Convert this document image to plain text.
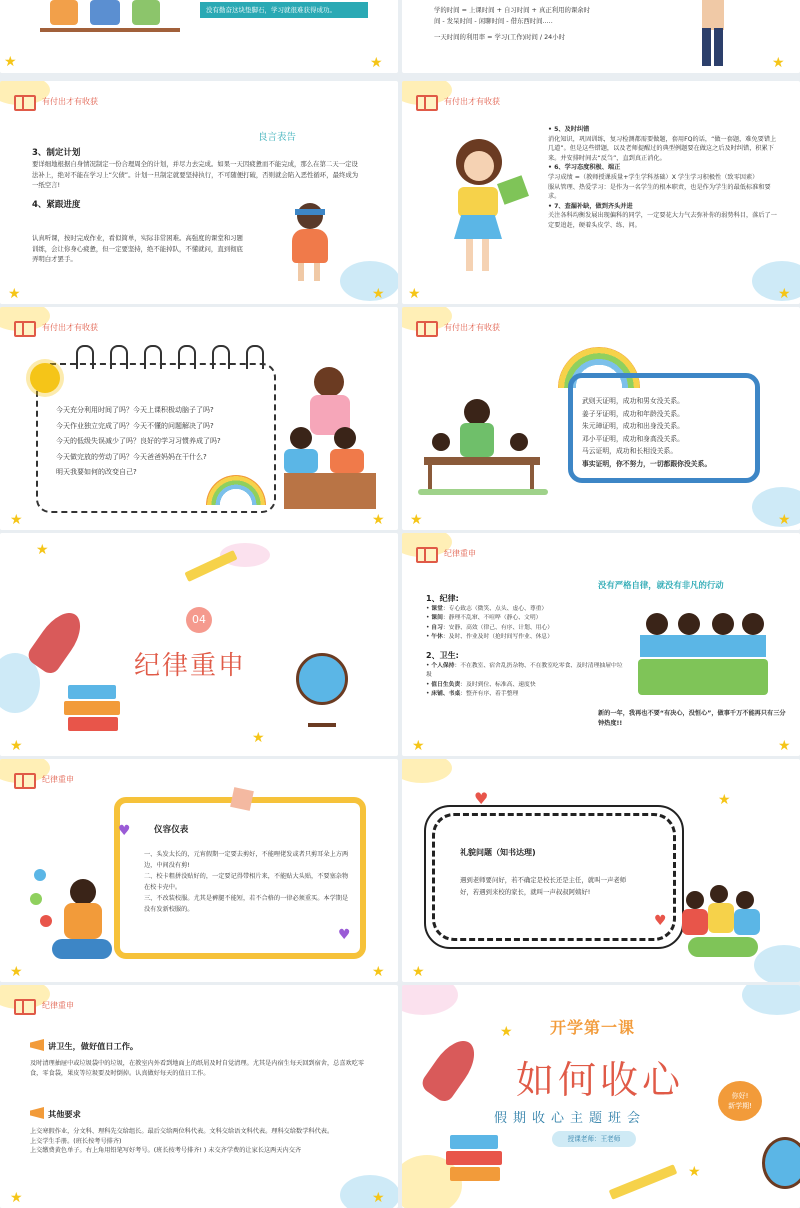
没有勤奋这块垫脚石，学习就很难获得成功。
★	★
学的时间 = 上课时间 + 自习时间 + 真正利用的课余时
间 - 发呆时间 - 闲聊时间 - 借东西时间.....
一天时间的利用率 = 学习(工作)时间 / 24小时
★
有付出才有收获
良言表告
3、制定计划
要详细地根据自身情况制定一份合理周全的计划，并尽力去完成。如果一天因疲惫而不能完成，那么在第二天一定设法补上，绝对不能在学习上“欠债”。计划一旦制定就要坚持执行，不可随便打破，否则就会陷入恶性循环，最终成为一纸空言!
4、紧跟进度
认真听课，按时完成作业，看似简单，实际非常困难。高强度的课堂和习题训练，会让你身心疲惫，但一定要坚持，绝不能掉队，不懂就问，直到彻底弄明白才罢手。
★	★
有付出才有收获
• 5、及时纠错
消化知识，巩固训练，复习检测都需要做题，套用FQ的话，“做一套题，难免要错上几道”。但是这些错题，以及老师提醒过的典型例题要在做这之后及时纠错，积累下来。并安排时间去“反刍”，直到真正消化。
• 6、学习态度积极、端正
学习成绩 =（教师授课质量+学生学科基础）X 学生学习积极性（致零因素）
服从管理、热爱学习：是作为一名学生的根本职责，也是作为学生的最低标准和要求。
• 7、查漏补缺，做到齐头并进
关注各科均衡发展出现偏科的同学，一定要花大力气去弥补你的弱势科目，落后了一定要追赶，硬着头皮学、练、问。
★	★
有付出才有收获
今天充分利用时间了吗？今天上课积极动脑子了吗?
今天作业独立完成了吗？今天不懂的问题解决了吗?
今天的低级失误减少了吗？良好的学习习惯养成了吗?
今天做完放的劳动了吗？今天爸爸妈妈在干什么?
明天我要如何的改变自己?
★	★
有付出才有收获
武则天证明，成功和男女没关系。
姜子牙证明，成功和年龄没关系。
朱元璋证明，成功和出身没关系。
邓小平证明，成功和身高没关系。
马云证明，成功和长相没关系。
事实证明，你不努力，一切都跟你没关系。
★	★
04
纪律重申
★
★	★
纪律重申
没有严格自律，就没有非凡的行动
1、纪律:
• 课堂：专心致志（微笑、点头、虚心、尊重）
• 课间：静理不乱窜、不喧哗（静心、文明）
• 自习：安静、高效（律己、有序、计划、用心）
• 午休：及时、作业及时（抢时间写作业、休息）
2、卫生:
• 个人保持：不在教室、宿舍乱扔杂物、不在教室吃零食、及时清理抽屉中垃圾
• 值日生负责：及时到位、标准高、速度快
• 床铺、书桌：整齐有序、着手整理
新的一年，我再也不要“有决心，没恒心”，做事千万不能再只有三分钟热度!!
★	★
纪律重申
♥
♥
仪容仪表
一、头发太长的，元宵假期一定要去剪好，不能哩佬发或者只剪耳朵上方两边，中间没有剪!
二、校卡粗拼没贴好的，一定要记得带相片来，不能贴大头贴，不要塞杂物在校卡壳中。
三、不改装校服。尤其是裤腿不能短，若不合格的一律必须重买。本学期是没有发新校服的。
★	★
♥
礼貌问题（知书达理)
遇到老师要问好，若不确定是校长还是主任，就叫一声老师好，若遇到来校的家长，就叫一声叔叔阿姨好!
♥
★
★
纪律重申
讲卫生，做好值日工作。
及时清理抽屉中或垃圾袋中的垃圾，在教室内外看到地面上的纸屑及时自觉清理。尤其是内宿生每天回到宿舍，总喜欢吃零食，零食袋，果皮等垃圾要及时倒掉。认真做好每天的值日工作。
其他要求
上交寒假作业，分文科、理科先交给组长。最后交给两位科代表。文科交给语文科代表。理科交给数学科代表。
上交学生手册。(班长按考号排齐)
上交缴费黄色单子。右上角用铅笔写好考号。(班长按考号排齐! ) 未交齐学费的让家长这两天内交齐
★	★
开学第一课
如何收心
假期收心主题班会
授课老师：王老师
你好!
新学期!
★
★
